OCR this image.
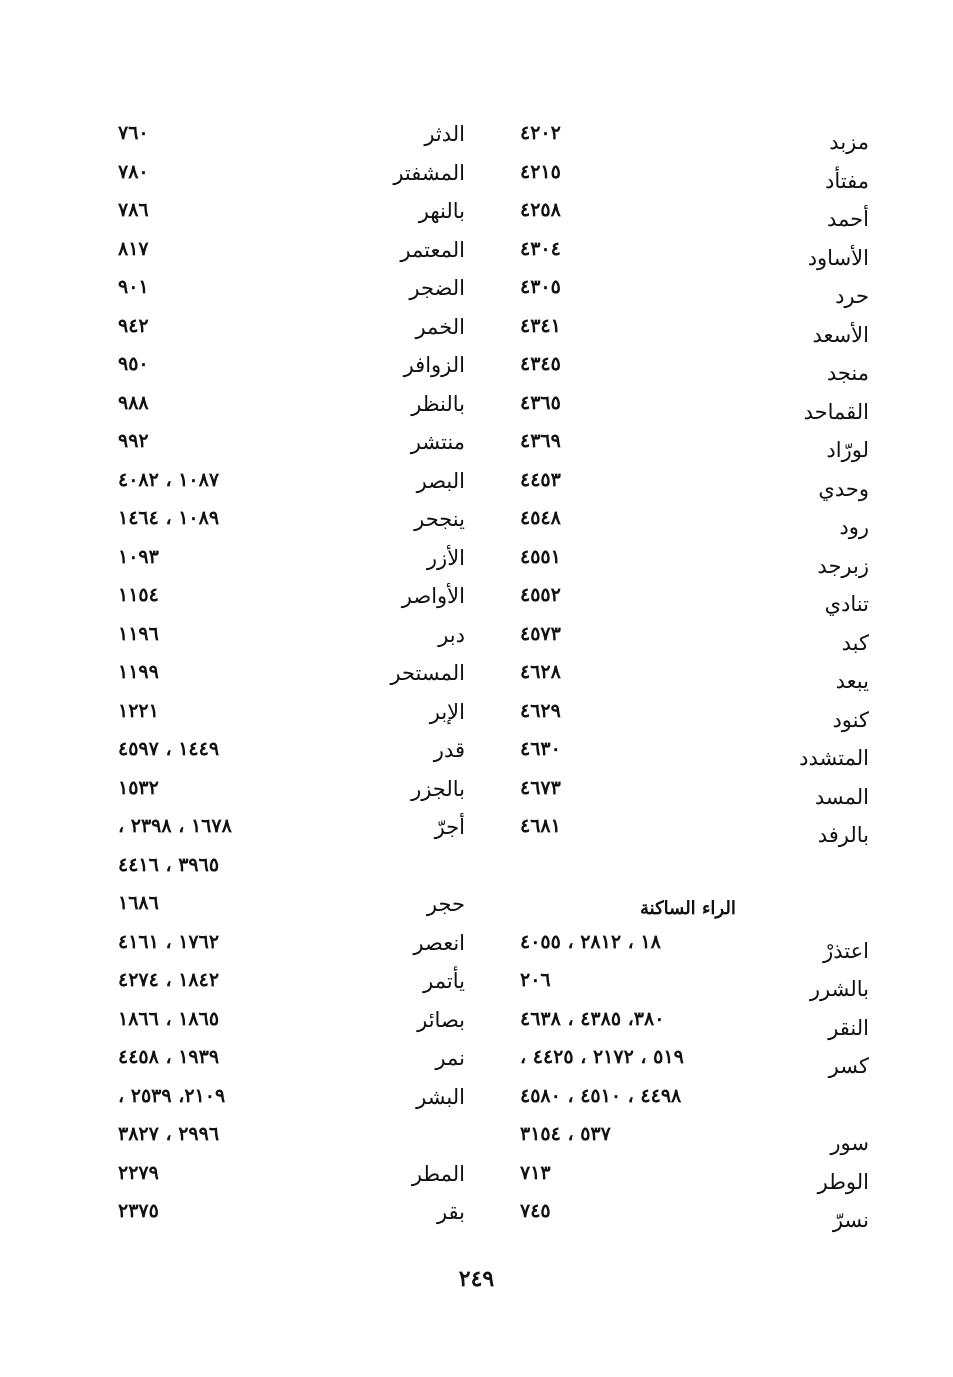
مزبد
مفتأد
أحمد
الأساود
حرد
الأسعد
منجد
القماحد
لورّاد
وحدي
رود
زبرجد
تنادي
كبد
يبعد
كنود
المتشدد
المسد
بالرفد
اعتذرْ
بالشرر
النقر
كسر
سور
الوطر
نسرّ
٤٢٠٢
٤٢١٥
٤٢٥٨
٤٣٠٤
٤٣٠٥
٤٣٤١
٤٣٤٥
٤٣٦٥
٤٣٦٩
٤٤٥٣
٤٥٤٨
٤٥٥١
٤٥٥٢
٤٥٧٣
٤٦٢٨
٤٦٢٩
٤٦٣٠
٤٦٧٣
٤٦٨١
١٨ ، ٢٨١٢ ، ٤٠٥٥
٢٠٦
٣٨٠، ٤٣٨٥ ، ٤٦٣٨
٥١٩ ، ٢١٧٢ ، ٤٤٢٥ ،
٤٤٩٨ ، ٤٥١٠ ، ٤٥٨٠
٥٣٧ ، ٣١٥٤
٧١٣
٧٤٥
الدثر
المشفتر
بالنهر
المعتمر
الضجر
الخمر
الزوافر
بالنظر
منتشر
البصر
ينجحر
الأزر
الأواصر
دبر
المستحر
الإبر
قدر
بالجزر
أجرّ
حجر
انعصر
يأتمر
بصائر
نمر
البشر
المطر
بقر
٧٦٠
٧٨٠
٧٨٦
٨١٧
٩٠١
٩٤٢
٩٥٠
٩٨٨
٩٩٢
١٠٨٧ ، ٤٠٨٢
١٠٨٩ ، ١٤٦٤
١٠٩٣
١١٥٤
١١٩٦
١١٩٩
١٢٢١
١٤٤٩ ، ٤٥٩٧
١٥٣٢
١٦٧٨ ، ٢٣٩٨ ،
٣٩٦٥ ، ٤٤١٦
١٦٨٦
١٧٦٢ ، ٤١٦١
١٨٤٢ ، ٤٢٧٤
١٨٦٥ ، ١٨٦٦
١٩٣٩ ، ٤٤٥٨
٢١٠٩، ٢٥٣٩ ،
٢٩٩٦ ، ٣٨٢٧
٢٢٧٩
٢٣٧٥
الراء الساكنة
٢٤٩
